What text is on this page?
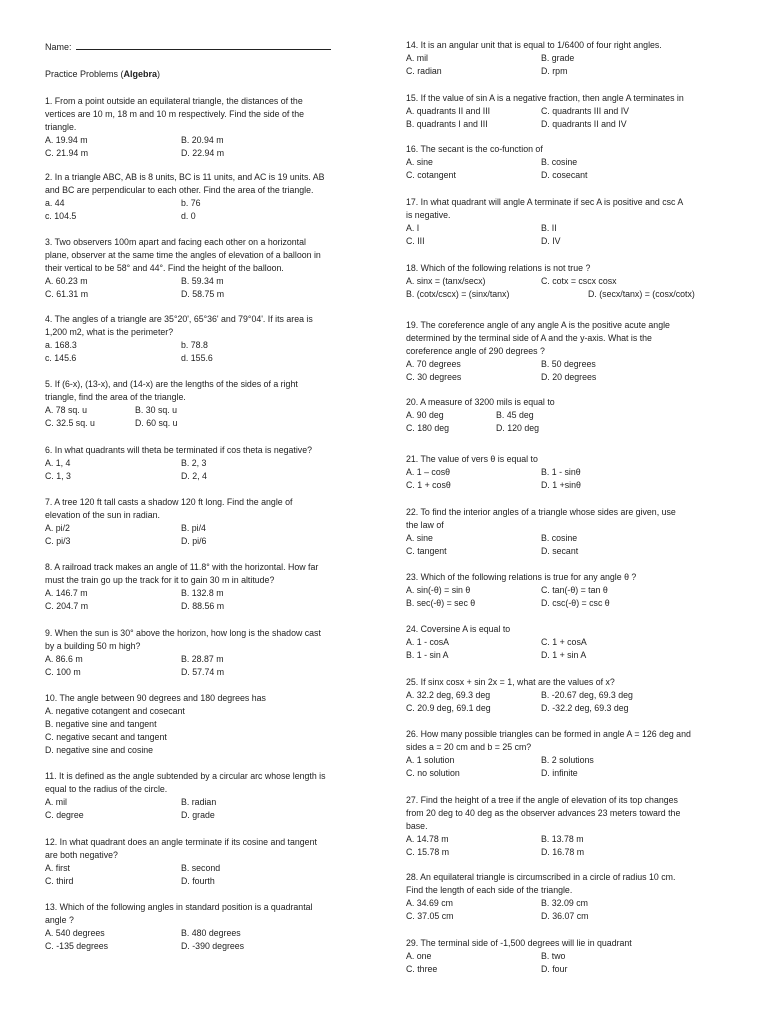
Name:
Practice Problems (Algebra)
1. From a point outside an equilateral triangle, the distances of the
vertices are 10 m, 18 m and 10 m respectively. Find the side of the
triangle.
A. 19.94 m	B. 20.94 m
C. 21.94 m	D. 22.94 m
2. In a triangle ABC, AB is 8 units, BC is 11 units, and AC is 19 units. AB
and BC are perpendicular to each other. Find the area of the triangle.
a. 44	b. 76
c. 104.5	d. 0
3. Two observers 100m apart and facing each other on a horizontal
plane, observer at the same time the angles of elevation of a balloon in
their vertical to be 58° and 44°. Find the height of the balloon.
A. 60.23 m	B. 59.34 m
C. 61.31 m	D. 58.75 m
4. The angles of a triangle are 35°20', 65°36' and 79°04'. If its area is
1,200 m2, what is the perimeter?
a. 168.3	b. 78.8
c. 145.6	d. 155.6
5. If (6-x), (13-x), and (14-x) are the lengths of the sides of a right
triangle, find the area of the triangle.
A. 78 sq. u	B. 30 sq. u
C. 32.5 sq. u	D. 60 sq. u
6. In what quadrants will theta be terminated if cos theta is negative?
A. 1, 4	B. 2, 3
C. 1, 3	D. 2, 4
7. A tree 120 ft tall casts a shadow 120 ft long. Find the angle of
elevation of the sun in radian.
A. pi/2	B. pi/4
C. pi/3	D. pi/6
8. A railroad track makes an angle of 11.8° with the horizontal. How far
must the train go up the track for it to gain 30 m in altitude?
A. 146.7 m	B. 132.8 m
C. 204.7 m	D. 88.56 m
9. When the sun is 30° above the horizon, how long is the shadow cast
by a building 50 m high?
A. 86.6 m	B. 28.87 m
C. 100 m	D. 57.74 m
10. The angle between 90 degrees and 180 degrees has
A. negative cotangent and cosecant
B. negative sine and tangent
C. negative secant and tangent
D. negative sine and cosine
11. It is defined as the angle subtended by a circular arc whose length is
equal to the radius of the circle.
A. mil	B. radian
C. degree	D. grade
12. In what quadrant does an angle terminate if its cosine and tangent
are both negative?
A. first	B. second
C. third	D. fourth
13. Which of the following angles in standard position is a quadrantal
angle ?
A. 540 degrees	B. 480 degrees
C. -135 degrees	D. -390 degrees
14. It is an angular unit that is equal to 1/6400 of four right angles.
A. mil	B. grade
C. radian	D. rpm
15. If the value of sin A is a negative fraction, then angle A terminates in
A. quadrants II and III	C. quadrants III and IV
B. quadrants I and III	D. quadrants II and IV
16. The secant is the co-function of
A. sine	B. cosine
C. cotangent	D. cosecant
17. In what quadrant will angle A terminate if sec A is positive and csc A
is negative.
A. I	B. II
C. III	D. IV
18. Which of the following relations is not true ?
A. sinx = (tanx/secx)	C. cotx = cscx cosx
B. (cotx/cscx) = (sinx/tanx)	D. (secx/tanx) = (cosx/cotx)
19. The coreference angle of any angle A is the positive acute angle
determined by the terminal side of A and the y-axis. What is the
coreference angle of 290 degrees ?
A. 70 degrees	B. 50 degrees
C. 30 degrees	D. 20 degrees
20. A measure of 3200 mils is equal to
A. 90 deg	B. 45 deg
C. 180 deg	D. 120 deg
21. The value of vers θ is equal to
A. 1 – cosθ	B. 1 - sinθ
C. 1 + cosθ	D. 1 +sinθ
22. To find the interior angles of a triangle whose sides are given, use
the law of
A. sine	B. cosine
C. tangent	D. secant
23. Which of the following relations is true for any angle θ ?
A. sin(-θ) = sin θ	C. tan(-θ) = tan θ
B. sec(-θ) = sec θ	D. csc(-θ) = csc θ
24. Coversine A is equal to
A. 1 - cosA	C. 1 + cosA
B. 1 - sin A	D. 1 + sin A
25. If sinx cosx + sin 2x = 1, what are the values of x?
A. 32.2 deg, 69.3 deg	B. -20.67 deg, 69.3 deg
C. 20.9 deg, 69.1 deg	D. -32.2 deg, 69.3 deg
26. How many possible triangles can be formed in angle A = 126 deg and
sides a = 20 cm and b = 25 cm?
A. 1 solution	B. 2 solutions
C. no solution	D. infinite
27. Find the height of a tree if the angle of elevation of its top changes
from 20 deg to 40 deg as the observer advances 23 meters toward the
base.
A. 14.78 m	B. 13.78 m
C. 15.78 m	D. 16.78 m
28. An equilateral triangle is circumscribed in a circle of radius 10 cm.
Find the length of each side of the triangle.
A. 34.69 cm	B. 32.09 cm
C. 37.05 cm	D. 36.07 cm
29. The terminal side of -1,500 degrees will lie in quadrant
A. one	B. two
C. three	D. four
